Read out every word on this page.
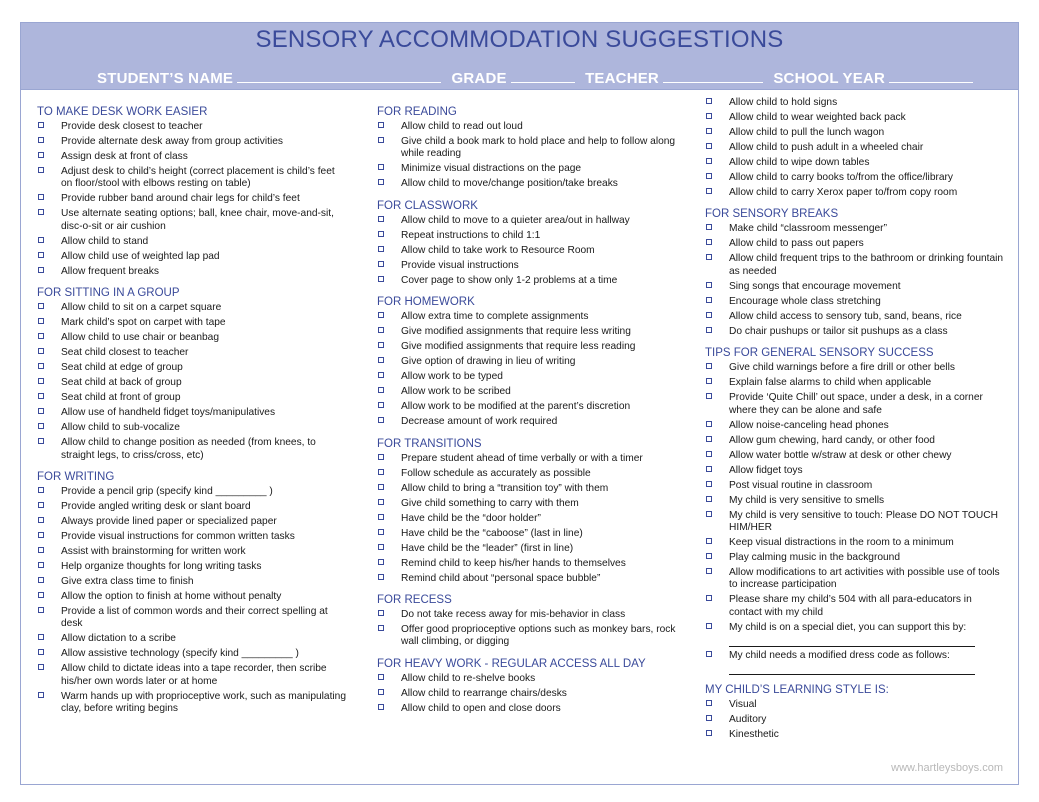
SENSORY ACCOMMODATION SUGGESTIONS
STUDENT’S NAME	GRADE	TEACHER	SCHOOL YEAR
TO MAKE DESK WORK EASIER
Provide desk closest to teacher
Provide alternate desk away from group activities
Assign desk at front of class
Adjust desk to child’s height (correct placement is child’s feet on floor/stool with elbows resting on table)
Provide rubber band around chair legs for child’s feet
Use alternate seating options; ball, knee chair, move-and-sit, disc-o-sit or air cushion
Allow child to stand
Allow child use of weighted lap pad
Allow frequent breaks
FOR SITTING IN A GROUP
Allow child to sit on a carpet square
Mark child’s spot on carpet with tape
Allow child to use chair or beanbag
Seat child closest to teacher
Seat child at edge of group
Seat child at back of group
Seat child at front of group
Allow use of handheld fidget toys/manipulatives
Allow child to sub-vocalize
Allow child to change position as needed (from knees, to straight legs, to criss/cross, etc)
FOR WRITING
Provide a pencil grip (specify kind _________ )
Provide angled writing desk or slant board
Always provide lined paper or specialized paper
Provide visual instructions for common written tasks
Assist with brainstorming for written work
Help organize thoughts for long writing tasks
Give extra class time to finish
Allow the option to finish at home without penalty
Provide a list of common words and their correct spelling at desk
Allow dictation to a scribe
Allow assistive technology (specify kind _________ )
Allow child to dictate ideas into a tape recorder, then scribe his/her own words later or at home
Warm hands up with proprioceptive work, such as manipulating clay, before writing begins
FOR READING
Allow child to read out loud
Give child a book mark to hold place and help to follow along while reading
Minimize visual distractions on the page
Allow child to move/change position/take breaks
FOR CLASSWORK
Allow child to move to a quieter area/out in hallway
Repeat instructions to child 1:1
Allow child to take work to Resource Room
Provide visual instructions
Cover page to show only 1-2 problems at a time
FOR HOMEWORK
Allow extra time to complete assignments
Give modified assignments that require less writing
Give modified assignments that require less reading
Give option of drawing in lieu of writing
Allow work to be typed
Allow work to be scribed
Allow work to be modified at the parent’s discretion
Decrease amount of work required
FOR TRANSITIONS
Prepare student ahead of time verbally or with a timer
Follow schedule as accurately as possible
Allow child to bring a “transition toy” with them
Give child something to carry with them
Have child be the “door holder”
Have child be the “caboose” (last in line)
Have child be the “leader” (first in line)
Remind child to keep his/her hands to themselves
Remind child about “personal space bubble”
FOR RECESS
Do not take recess away for mis-behavior in class
Offer good proprioceptive options such as monkey bars, rock wall climbing, or digging
FOR HEAVY WORK - REGULAR ACCESS ALL DAY
Allow child to re-shelve books
Allow child to rearrange chairs/desks
Allow child to open and close doors
Allow child to hold signs
Allow child to wear weighted back pack
Allow child to pull the lunch wagon
Allow child to push adult in a wheeled chair
Allow child to wipe down tables
Allow child to carry books to/from the office/library
Allow child to carry Xerox paper to/from copy room
FOR SENSORY BREAKS
Make child “classroom messenger”
Allow child to pass out papers
Allow child frequent trips to the bathroom or drinking fountain as needed
Sing songs that encourage movement
Encourage whole class stretching
Allow child access to sensory tub, sand, beans, rice
Do chair pushups or tailor sit pushups as a class
TIPS FOR GENERAL SENSORY SUCCESS
Give child warnings before a fire drill or other bells
Explain false alarms to child when applicable
Provide ‘Quite Chill’ out space, under a desk, in a corner where they can be alone and safe
Allow noise-canceling head phones
Allow gum chewing, hard candy, or other food
Allow water bottle w/straw at desk or other chewy
Allow fidget toys
Post visual routine in classroom
My child is very sensitive to smells
My child is very sensitive to touch: Please DO NOT TOUCH HIM/HER
Keep visual distractions in the room to a minimum
Play calming music in the background
Allow modifications to art activities with possible use of tools to increase participation
Please share my child’s 504 with all para-educators in contact with my child
My child is on a special diet, you can support this by:
My child needs a modified dress code as follows:
MY CHILD’S LEARNING STYLE IS:
Visual
Auditory
Kinesthetic
www.hartleysboys.com
